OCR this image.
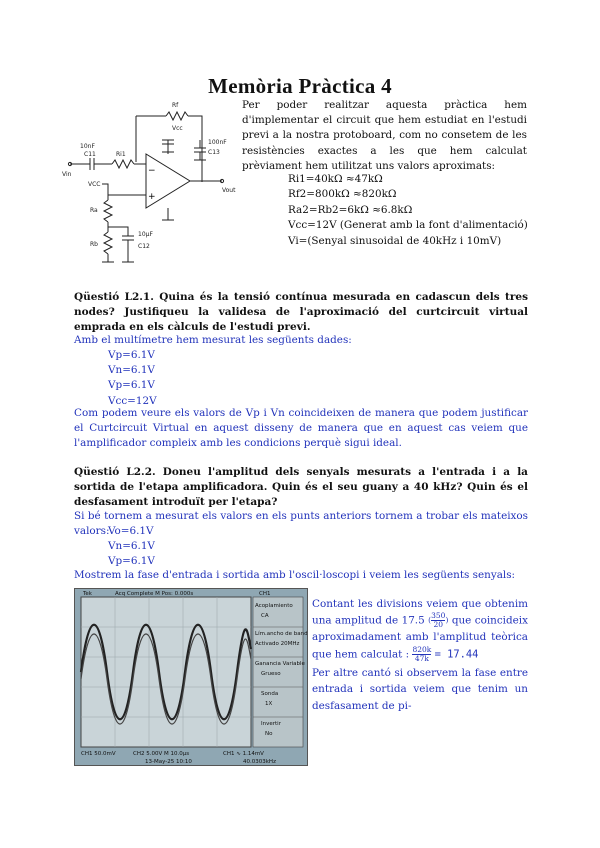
Memòria Pràctica 4
−
+
Rf
Vcc
100nF
C13
10nF
C11	Ri1
VCC
Vin
Vout
Ra
Rb
10μF
C12
Per poder realitzar aquesta pràctica hem d'implementar el circuit que hem estudiat en l'estudi previ a la nostra protoboard, com no consetem de les resistències exactes a les que hem calculat prèviament hem utilitzat uns valors aproximats:
Ri1=40kΩ ≈47kΩ
Rf2=800kΩ ≈820kΩ
Ra2=Rb2=6kΩ ≈6.8kΩ
Vcc=12V (Generat amb la font d'alimentació)
Vi=(Senyal sinusoidal de 40kHz i 10mV)
Qüestió L2.1. Quina és la tensió contínua mesurada en cadascun dels tres nodes? Justifiqueu la validesa de l'aproximació del curtcircuit virtual emprada en els càlculs de l'estudi previ.
Amb el multímetre hem mesurat les següents dades:
Vp=6.1V
Vn=6.1V
Vp=6.1V
Vcc=12V
Com podem veure els valors de Vp i Vn coincideixen de manera que podem justificar el Curtcircuit Virtual en aquest disseny de manera que en aquest cas veiem que l'amplificador compleix amb les condicions perquè sigui ideal.
Qüestió L2.2. Doneu l'amplitud dels senyals mesurats a l'entrada i a la sortida de l'etapa amplificadora. Quin és el seu guany a 40 kHz? Quin és el desfasament introduït per l'etapa?
Si bé tornem a mesurat els valors en els punts anteriors tornem a trobar els mateixos valors:
Vo=6.1V
Vn=6.1V
Vp=6.1V
Mostrem la fase d'entrada i sortida amb l'oscil·loscopi i veiem les següents senyals:
Tek	Acq Complete M Pos: 0.000s	CH1
Acoplamiento
CA
Lím.ancho de banda
Activado 20MHz
Ganancia Variable
Grueso
Sonda
1X
Invertir
No
CH1 50.0mV	CH2 5.00V M 10.0μs	CH1 ∿ 1.14mV
13-May-25 10:10	40.0303kHz
Contant les divisions veiem que obtenim una amplitud de 17.5 ( $\frac{350}{20}$ ) que coincideix aproximadament amb l'amplitud teòrica que hem calculat : $\frac{820k}{47k} = 17.44$
Per altre cantó si observem la fase entre entrada i sortida veiem que tenim un desfasament de pi-
